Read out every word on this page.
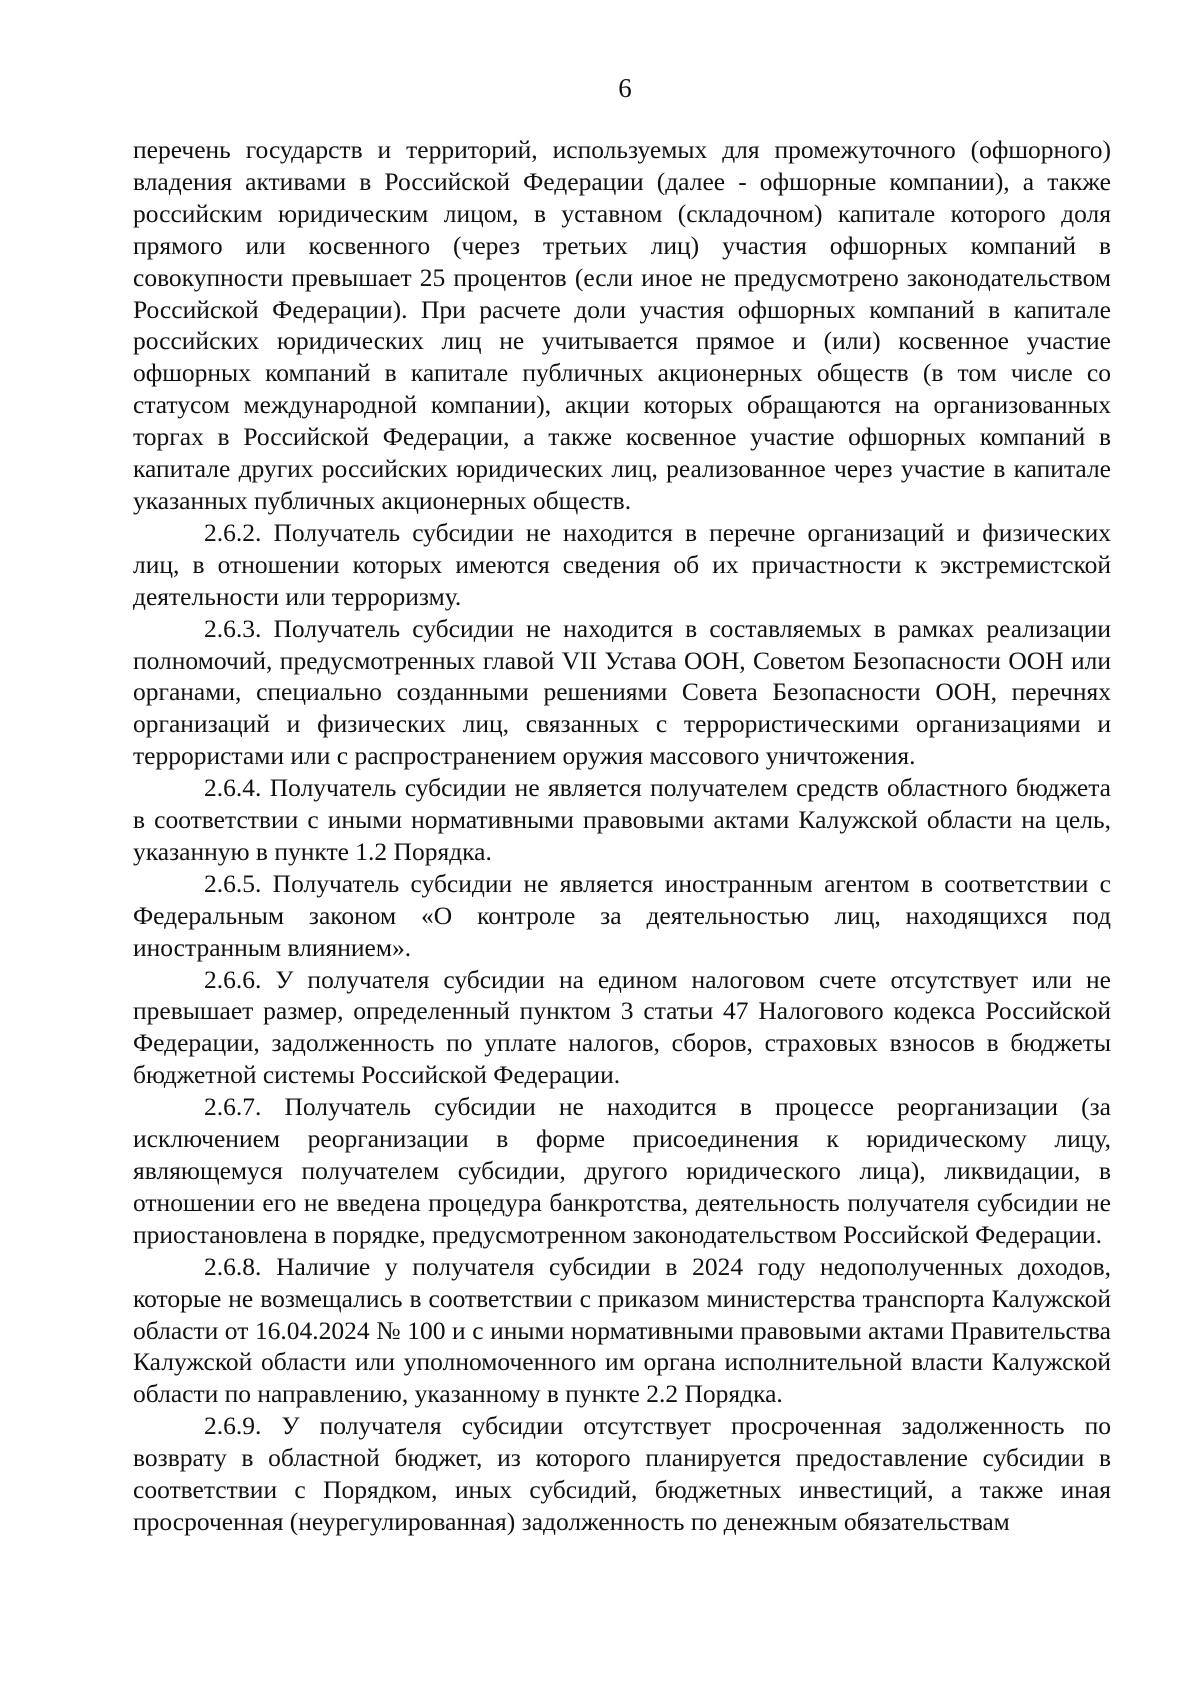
6

перечень государств и территорий, используемых для промежуточного (офшорного) владения активами в Российской Федерации (далее - офшорные компании), а также российским юридическим лицом, в уставном (складочном) капитале которого доля прямого или косвенного (через третьих лиц) участия офшорных компаний в совокупности превышает 25 процентов (если иное не предусмотрено законодательством Российской Федерации). При расчете доли участия офшорных компаний в капитале российских юридических лиц не учитывается прямое и (или) косвенное участие офшорных компаний в капитале публичных акционерных обществ (в том числе со статусом международной компании), акции которых обращаются на организованных торгах в Российской Федерации, а также косвенное участие офшорных компаний в капитале других российских юридических лиц, реализованное через участие в капитале указанных публичных акционерных обществ.

2.6.2. Получатель субсидии не находится в перечне организаций и физических лиц, в отношении которых имеются сведения об их причастности к экстремистской деятельности или терроризму.

2.6.3. Получатель субсидии не находится в составляемых в рамках реализации полномочий, предусмотренных главой VII Устава ООН, Советом Безопасности ООН или органами, специально созданными решениями Совета Безопасности ООН, перечнях организаций и физических лиц, связанных с террористическими организациями и террористами или с распространением оружия массового уничтожения.

2.6.4. Получатель субсидии не является получателем средств областного бюджета в соответствии с иными нормативными правовыми актами Калужской области на цель, указанную в пункте 1.2 Порядка.

2.6.5. Получатель субсидии не является иностранным агентом в соответствии с Федеральным законом «О контроле за деятельностью лиц, находящихся под иностранным влиянием».

2.6.6. У получателя субсидии на едином налоговом счете отсутствует или не превышает размер, определенный пунктом 3 статьи 47 Налогового кодекса Российской Федерации, задолженность по уплате налогов, сборов, страховых взносов в бюджеты бюджетной системы Российской Федерации.

2.6.7. Получатель субсидии не находится в процессе реорганизации (за исключением реорганизации в форме присоединения к юридическому лицу, являющемуся получателем субсидии, другого юридического лица), ликвидации, в отношении его не введена процедура банкротства, деятельность получателя субсидии не приостановлена в порядке, предусмотренном законодательством Российской Федерации.

2.6.8. Наличие у получателя субсидии в 2024 году недополученных доходов, которые не возмещались в соответствии с приказом министерства транспорта Калужской области от 16.04.2024 № 100 и с иными нормативными правовыми актами Правительства Калужской области или уполномоченного им органа исполнительной власти Калужской области по направлению, указанному в пункте 2.2 Порядка.

2.6.9. У получателя субсидии отсутствует просроченная задолженность по возврату в областной бюджет, из которого планируется предоставление субсидии в соответствии с Порядком, иных субсидий, бюджетных инвестиций, а также иная просроченная (неурегулированная) задолженность по денежным обязательствам
